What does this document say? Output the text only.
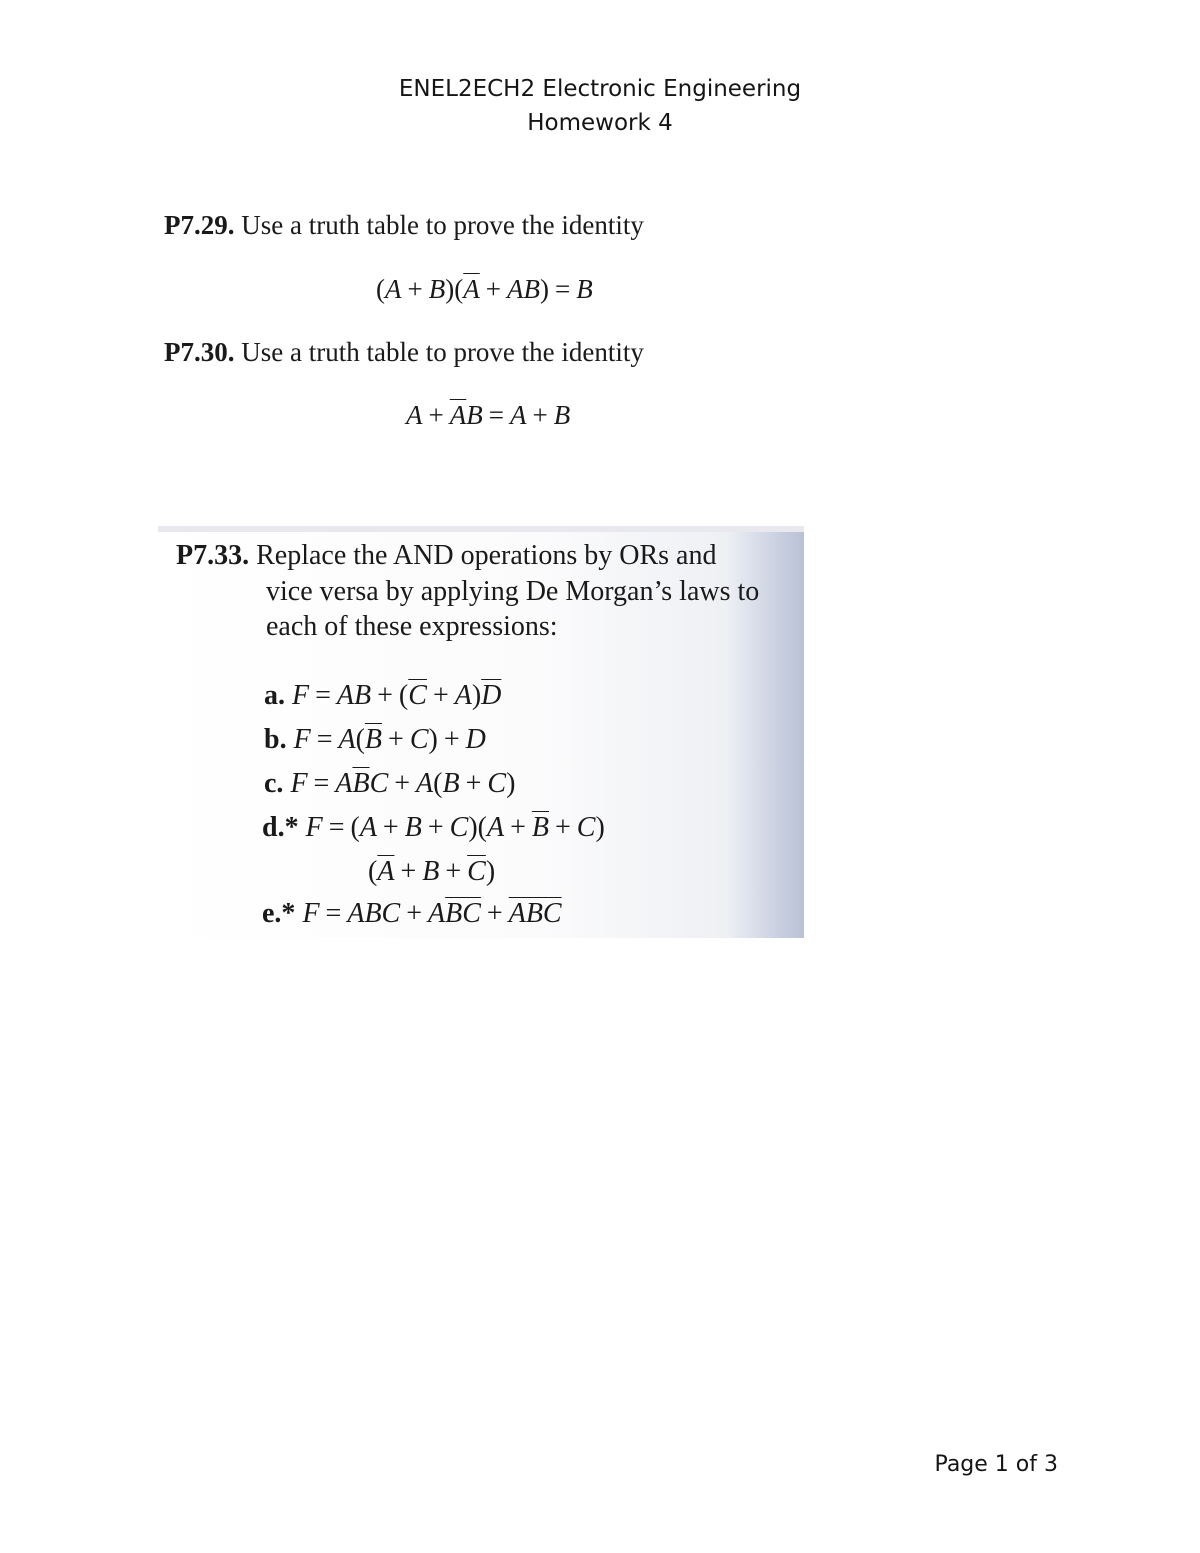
ENEL2ECH2 Electronic Engineering
Homework 4
P7.29. Use a truth table to prove the identity
$(A + B)(\overline{A} + AB) = B$
P7.30. Use a truth table to prove the identity
$A + \overline{A}B = A + B$
P7.33. Replace the AND operations by ORs and
vice versa by applying De Morgan’s laws to
each of these expressions:
a. F = AB + $(\overline{C} + A)\overline{D}$
b. $F = A(\overline{B} + C) + D$
c. $F = A\overline{B}C + A(B + C)$
d.* $F = (A + B + C)(A + \overline{B} + C)$
$(\overline{A} + B + \overline{C})$
e.* F = ABC + $A\overline{BC} + \overline{ABC}$
Page 1 of 3
